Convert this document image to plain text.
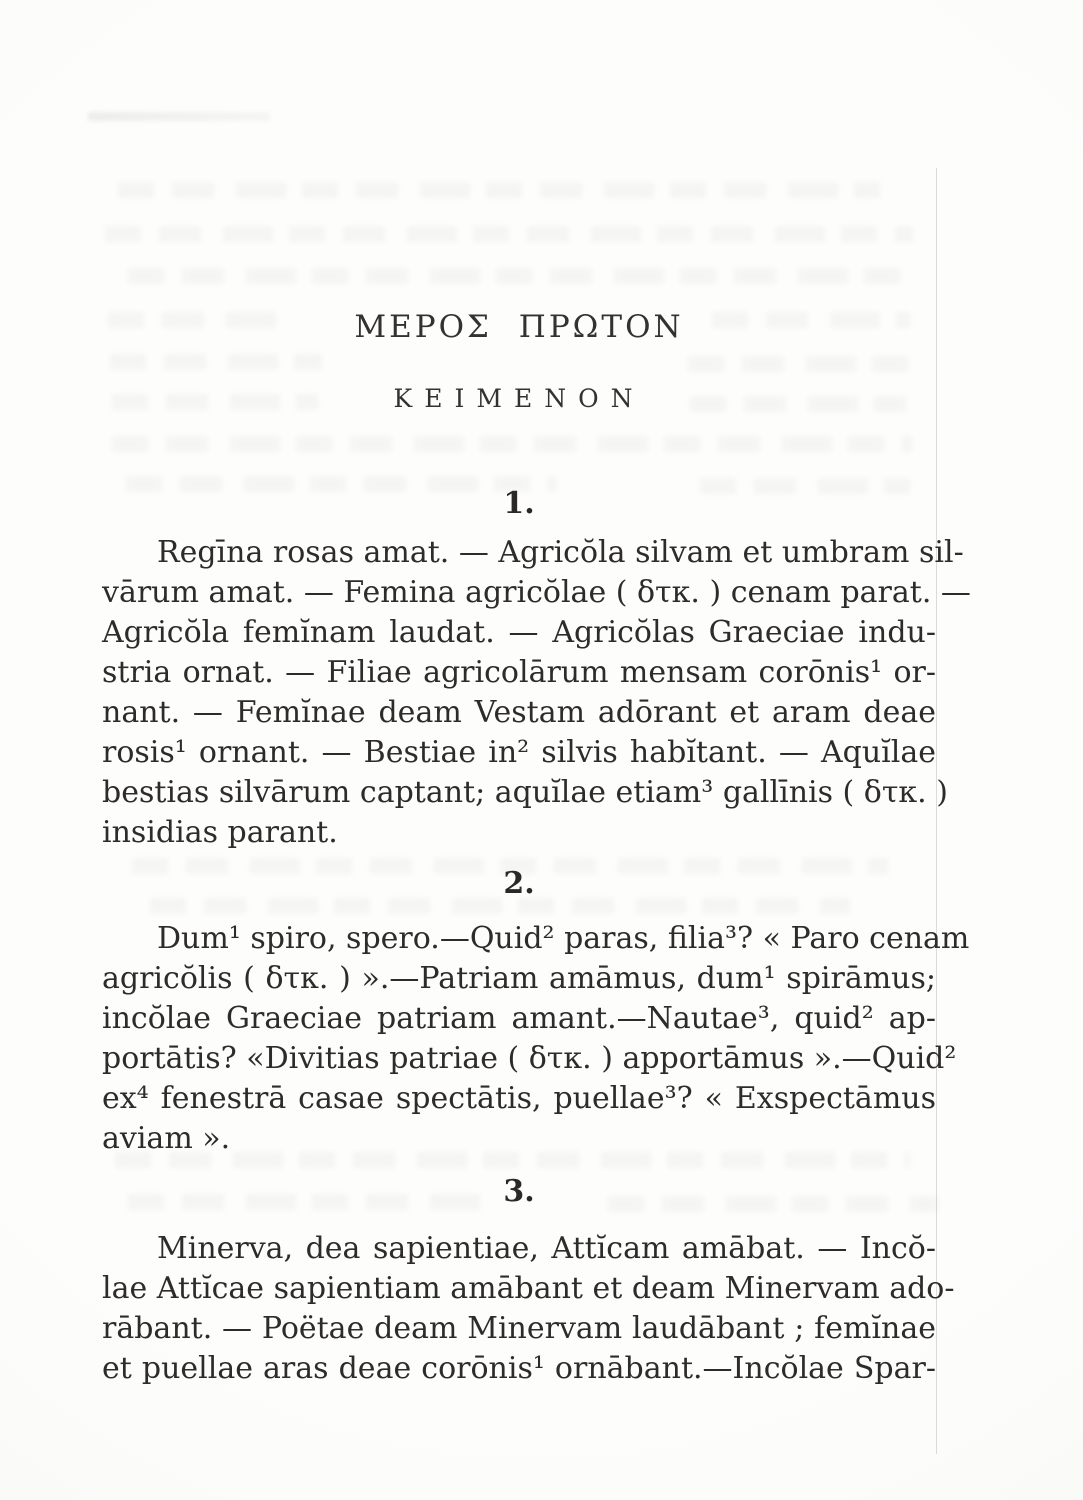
ΜΕΡΟΣ ΠΡΩΤΟΝ
ΚΕΙΜΕΝΟΝ
1.
Regīna rosas amat. — Agricŏla silvam et umbram sil-
vārum amat. — Femina agricŏlae ( δτκ. ) cenam parat. —
Agricŏla femĭnam laudat. — Agricŏlas Graeciae indu-
stria ornat. — Filiae agricolārum mensam corōnis¹ or-
nant. — Femĭnae deam Vestam adōrant et aram deae
rosis¹ ornant. — Bestiae in² silvis habĭtant. — Aquĭlae
bestias silvārum captant; aquĭlae etiam³ gallīnis ( δτκ. )
insidias parant.
2.
Dum¹ spiro, spero.—Quid² paras, filia³? « Paro cenam
agricŏlis ( δτκ. ) ».—Patriam amāmus, dum¹ spirāmus;
incŏlae Graeciae patriam amant.—Nautae³, quid² ap-
portātis? «Divitias patriae ( δτκ. ) apportāmus ».—Quid²
ex⁴ fenestrā casae spectātis, puellae³? « Exspectāmus
aviam ».
3.
Minerva, dea sapientiae, Attĭcam amābat. — Incŏ-
lae Attĭcae sapientiam amābant et deam Minervam ado-
rābant. — Poëtae deam Minervam laudābant ; femĭnae
et puellae aras deae corōnis¹ ornābant.—Incŏlae Spar-
